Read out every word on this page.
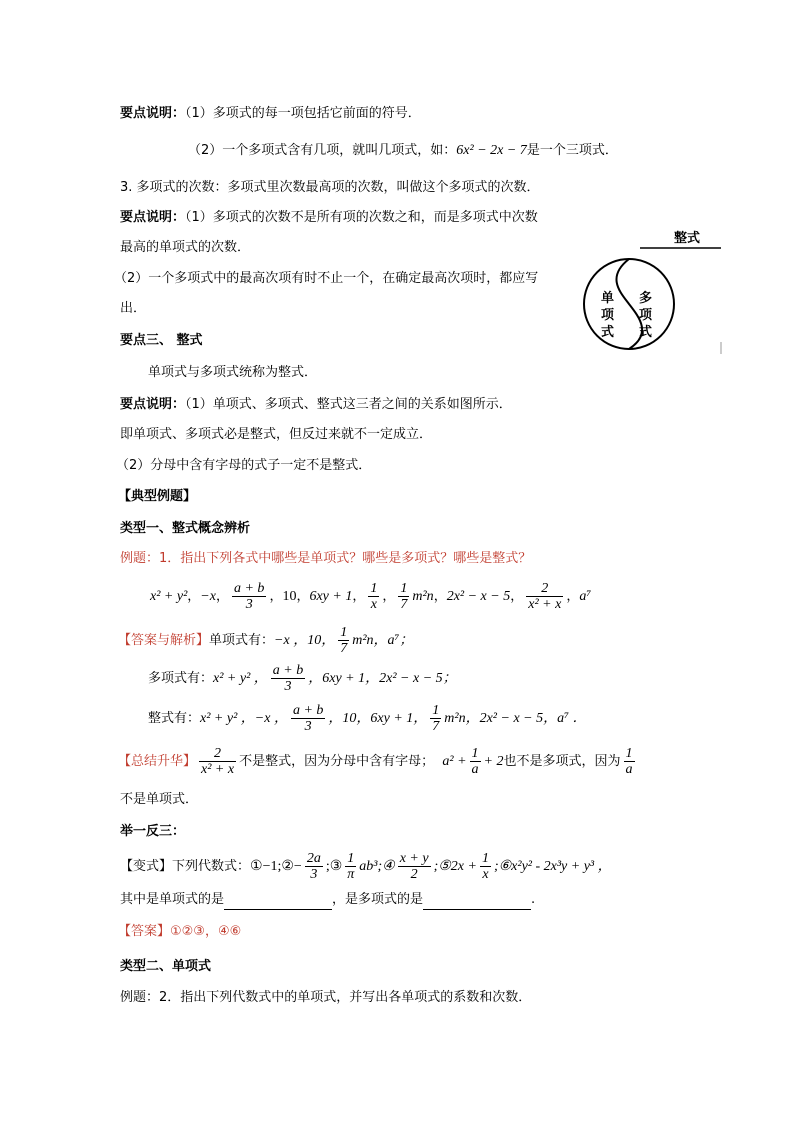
要点说明：（1）多项式的每一项包括它前面的符号．
（2）一个多项式含有几项，就叫几项式，如：6x² − 2x − 7是一个三项式．
3. 多项式的次数：多项式里次数最高项的次数，叫做这个多项式的次数．
要点说明：（1）多项式的次数不是所有项的次数之和，而是多项式中次数
最高的单项式的次数．
（2）一个多项式中的最高次项有时不止一个，在确定最高次项时，都应写
出．
要点三、 整式
单项式与多项式统称为整式．
要点说明：（1）单项式、多项式、整式这三者之间的关系如图所示．
即单项式、多项式必是整式，但反过来就不一定成立．
（2）分母中含有字母的式子一定不是整式．
【典型例题】
类型一、整式概念辨析
例题：1．指出下列各式中哪些是单项式？哪些是多项式？哪些是整式？
x² + y²，−x， $\frac{a + b}{3}$ ，10，6xy + 1， $\frac{1}{x}$ ， $\frac{1}{7} m^2n$，2x² − x − 5， $\frac{2}{\text{x² + x}}$ ，a⁷
【答案与解析】单项式有：−x ，10， $\frac{1}{7} m^2n$，a⁷；
多项式有：x² + y² ， $\frac{a + b}{3}$ ，6xy + 1，2x² − x − 5；
整式有：x² + y² ，−x ， $\frac{a + b}{3}$ ，10，6xy + 1， $\frac{1}{7} m^2n$，2x² − x − 5，a⁷ ．
【总结升华】 $\frac{2}{\text{x² + x}}$ 不是整式，因为分母中含有字母； $a^2 + \frac{1}{a} + 2$也不是多项式，因为 $\frac{1}{a}$
不是单项式．
举一反三：
【变式】下列代数式：①−1;②− $\frac{2a}{3}$ ;③ $\frac{1}{\pi}$ ab³;④ $\frac{x + y}{2}$ ;⑤2x + $\frac{1}{x}$ ;⑥x²y² - 2x³y + y³ ，
其中是单项式的是	，是多项式的是	.
【答案】①②③，④⑥
类型二、单项式
例题：2．指出下列代数式中的单项式，并写出各单项式的系数和次数．
整式
单
项
式
多
项
式
